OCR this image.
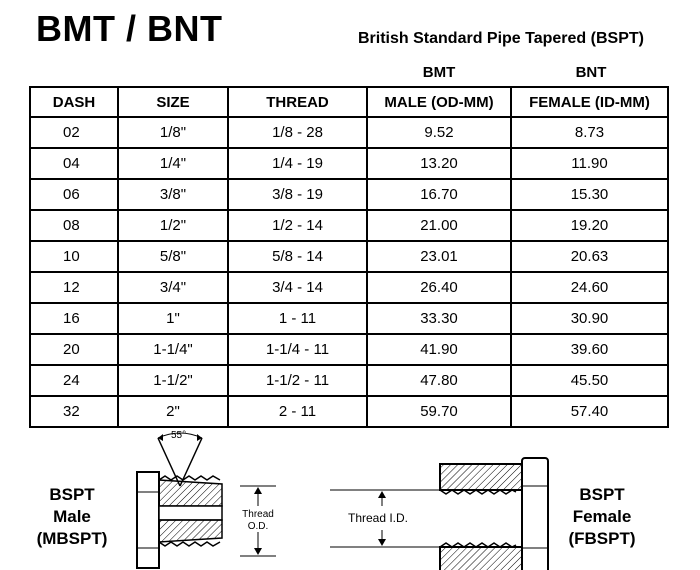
BMT / BNT	British Standard Pipe Tapered (BSPT)
BMT	BNT
DASH	SIZE	THREAD	MALE (OD-MM)	FEMALE (ID-MM)
02	1/8"	1/8 - 28	9.52	8.73
04	1/4"	1/4 - 19	13.20	11.90
06	3/8"	3/8 - 19	16.70	15.30
08	1/2"	1/2 - 14	21.00	19.20
10	5/8"	5/8 - 14	23.01	20.63
12	3/4"	3/4 - 14	26.40	24.60
16	1"	1 - 11	33.30	30.90
20	1-1/4"	1-1/4 - 11	41.90	39.60
24	1-1/2"	1-1/2 - 11	47.80	45.50
32	2"	2 - 11	59.70	57.40
BSPT
Male
(MBSPT)
BSPT
Female
(FBSPT)
55°
Thread
O.D.
Thread I.D.
